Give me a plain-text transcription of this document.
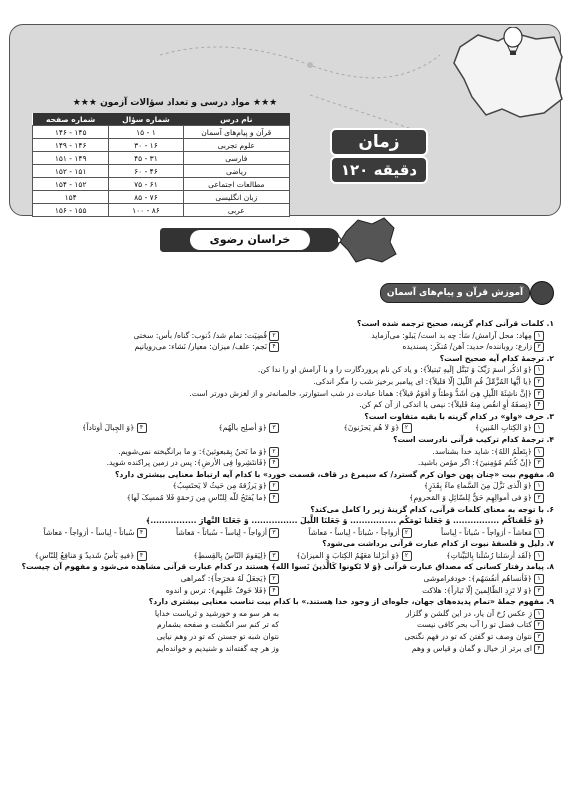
★★★ مواد درسی و تعداد سؤالات آزمون ★★★
نام درس	شماره سؤال	شماره صفحه
قرآن و پیام‌های آسمان	۱ - ۱۵	۱۴۵ - ۱۴۶
علوم تجربی	۱۶ - ۳۰	۱۴۶ - ۱۴۹
فارسی	۳۱ - ۴۵	۱۴۹ - ۱۵۱
ریاضی	۴۶ - ۶۰	۱۵۱ - ۱۵۲
مطالعات اجتماعی	۶۱ - ۷۵	۱۵۲ - ۱۵۴
زبان انگلیسی	۷۶ - ۸۵	۱۵۴
عربی	۸۶ - ۱۰۰	۱۵۵ - ۱۵۶
زمان
۱۲۰ دقیقه
خراسان رضوی
آموزش قرآن و پیام‌های آسمان
۱.کلمات قرآنی کدام گزینه، صحیح ترجمه شده است؟
۱مِهاد: محل آرامش/ سَأ: چه بد است/ یَبلو: می‌آزماید
۲قُضِیَت: تمام شد/ ذُنوب: گناه/ بأس: سختی
۳زارع: روباننده/ حدید: آهن/ مُنکَر: پسندیده
۴نَجم: علف/ میزان: معیار/ نَشاء: می‌رویانیم
۲.ترجمهٔ کدام آیه صحیح است؟
۱﴿وَ اذکُر اسمَ رَبِّکَ وَ تَبَتَّل إلَیهِ تَبتیلاً﴾: و یاد کن نام پروردگارت را و با آرامش او را ندا کن.
۲﴿یا أَیُّها المُزَّمِّلُ قُمِ اللَّیلَ إلّا قلیلاً﴾: ای پیامبر برخیز شب را مگر اندکی.
۳﴿إنَّ ناشِئَةَ اللَّیلِ هِیَ أَشَدُّ وَطئاً وَ أَقوَمُ قیلاً﴾: همانا عبادت در شب استوارتر، خالصانه‌تر و از لغزش دورتر است.
۴﴿نِصفَهُ أوِ انقُص مِنهُ قَلیلاً﴾: نیمی یا اندکی از آن کم کن.
۳.حرف «واو» در کدام گزینه با بقیه متفاوت است؟
۱﴿وَ الکِتابِ المُبینِ﴾
۲﴿وَ لا هُم یَحزَنونَ﴾
۳﴿وَ أَصلِح بالَهُم﴾
۴﴿وَ الجِبالَ أَوتاداً﴾
۴.ترجمهٔ کدام ترکیب قرآنی نادرست است؟
۱﴿بِتَعلَمُ اللهُ﴾: شاید خدا بشناسد.
۲﴿وَ ما نَحنُ بِمَبعوثینَ﴾: و ما برانگیخته نمی‌شویم.
۳﴿إنْ کُنتُم مُؤمِنینَ﴾: اگر مؤمن باشید.
۴﴿فَانتَشِروا فِی الأرضِ﴾: پس در زمین پراکنده شوید.
۵.مفهوم بیت «چنان پهن خوان کرم گسترد/ که سیمرغ در قاف، قسمت خورد» با کدام آیه ارتباط معنایی بیشتری دارد؟
۱﴿وَ الَّذی نَزَّلَ مِنَ السَّماءِ ماءً بِقَدَرٍ﴾
۲﴿وَ یَرزُقهُ مِن حَیثُ لا یَحتَسِبُ﴾
۳﴿وَ فی أَموالِهِم حَقٌّ لِلسّائِلِ وَ المَحرومِ﴾
۴﴿ما یُفتَحُ للّه لِلنّاسِ مِن رَحمَةٍ فَلا مُمسِکَ لَها﴾
۶.با توجه به معنای کلمات قرآنی، کدام گزینهٔ زیر را کامل می‌کند؟
﴿وَ خَلَقناکُم ................ وَ جَعَلنا نَومَکُم ................ وَ جَعَلنَا اللَّیلَ ................ وَ جَعَلنَا النَّهارَ ................﴾
۱مَعاشاً - أزواجاً - سُباتاً - لِباساً
۲أزواجاً - سُباتاً - لِباساً - مَعاشاً
۳أزواجاً - لِباساً - سُباتاً - مَعاشاً
۴سُباتاً - لِباساً - أزواجاً - مَعاشاً
۷.دلیل و فلسفهٔ نبوت از کدام عبارت قرآنی برداشت می‌شود؟
۱﴿لَقَد أرسَلنا رُسُلَنا بِالبَیِّناتِ﴾
۲﴿وَ أنزَلنا مَعَهُمُ الکِتابَ وَ المیزانَ﴾
۳﴿لِیَقومَ النّاسُ بِالقِسطِ﴾
۴﴿فیهِ بَأسٌ شَدیدٌ وَ مَنافِعُ لِلنّاسِ﴾
۸.پیامد رفتار کسانی که مصداق عبارت قرآنی ﴿وَ لا تَکونوا کَالَّذینَ نَسوا الله﴾ هستند در کدام عبارت قرآنی مشاهده می‌شود و مفهوم آن چیست؟
۱﴿فَأنساهُم أنفُسَهُم﴾: خودفراموشی
۲﴿یَجعَلُ لَهُ مَخرَجاً﴾: گمراهی
۳﴿وَ لا تَزِدِ الظّالِمینَ إلّا تَباراً﴾: هلاکت
۴﴿فَلا خَوفٌ عَلَیهِم﴾: ترس و اندوه
۹.مفهوم جملهٔ «تمام پدیده‌های جهان، جلوه‌ای از وجود خدا هستند.» با کدام بیت تناسب معنایی بیشتری دارد؟
۱زِ عکس رُخ آن یار، در این گلشن و گلزار
به هر سو مه و خورشید و ثریاست خدایا
۲کتاب فضل تو را آب بحر کافی نیست
که تر کنم سر انگشت و صفحه بشمارم
۳نتوان وصف تو گفتن که تو در فهم نگنجی
نتوان شبه تو جستن که تو در وهم نیایی
۴ای برتر از خیال و گمان و قیاس و وهم
وز هر چه گفته‌اند و شنیدیم و خوانده‌ایم
